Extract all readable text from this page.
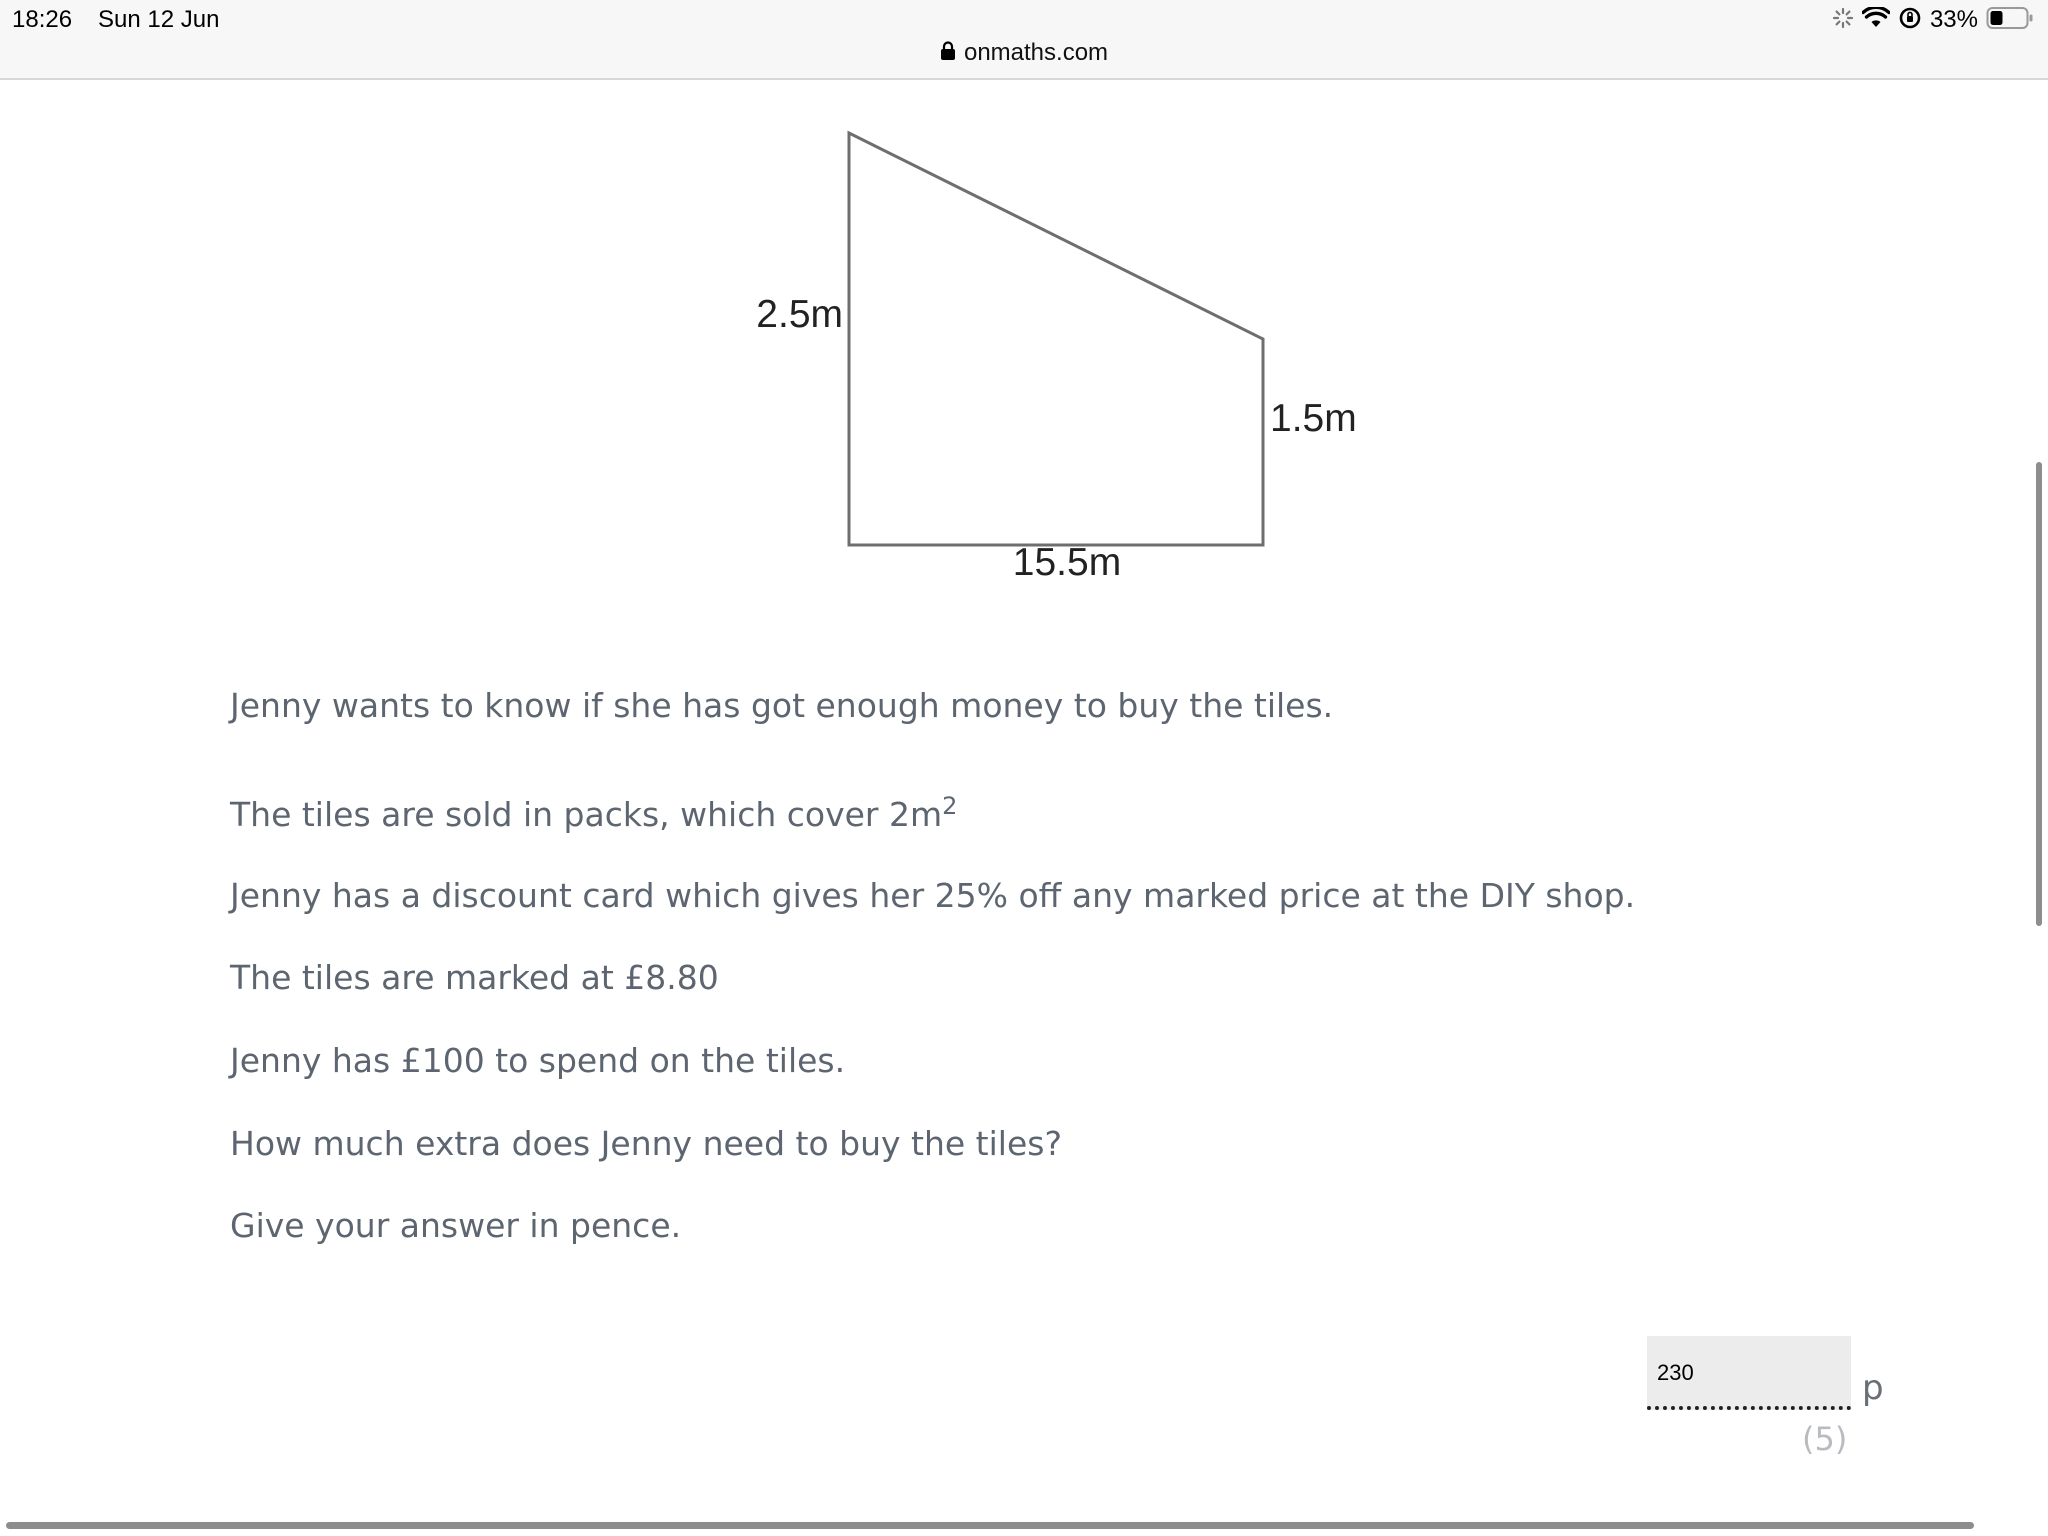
18:26 Sun 12 Jun	33%
onmaths.com
2.5m
1.5m
15.5m
Jenny wants to know if she has got enough money to buy the tiles.
The tiles are sold in packs, which cover $2m^2$
Jenny has a discount card which gives her 25% off any marked price at the DIY shop.
The tiles are marked at £8.80
Jenny has £100 to spend on the tiles.
How much extra does Jenny need to buy the tiles?
Give your answer in pence.
230
p
(5)
